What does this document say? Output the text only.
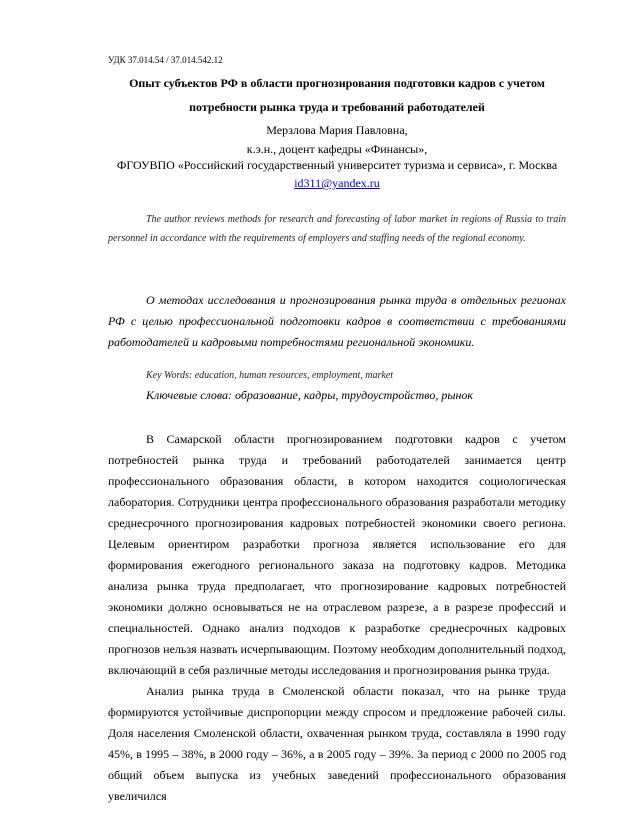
УДК 37.014.54 / 37.014.542.12
Опыт субъектов РФ в области прогнозирования подготовки кадров с учетом
потребности рынка труда и требований работодателей
Мерзлова Мария Павловна,
к.э.н., доцент кафедры «Финансы»,
ФГОУВПО «Российский государственный университет туризма и сервиса», г. Москва
id311@yandex.ru
The author reviews methods for research and forecasting of labor market in regions of Russia to train personnel in accordance with the requirements of employers and staffing needs of the regional economy.
О методах исследования и прогнозирования рынка труда в отдельных регионах РФ с целью профессиональной подготовки кадров в соответствии с требованиями работодателей и кадровыми потребностями региональной экономики.
Key Words: education, human resources, employment, market
Ключевые слова: образование, кадры, трудоустройство, рынок

В Самарской области прогнозированием подготовки кадров с учетом потребностей рынка труда и требований работодателей занимается центр профессионального образования области, в котором находится социологическая лаборатория. Сотрудники центра профессионального образования разработали методику среднесрочного прогнозирования кадровых потребностей экономики своего региона. Целевым ориентиром разработки прогноза является использование его для формирования ежегодного регионального заказа на подготовку кадров. Методика анализа рынка труда предполагает, что прогнозирование кадровых потребностей экономики должно основываться не на отраслевом разрезе, а в разрезе профессий и специальностей. Однако анализ подходов к разработке среднесрочных кадровых прогнозов нельзя назвать исчерпывающим. Поэтому необходим дополнительный подход, включающий в себя различные методы исследования и прогнозирования рынка труда.

Анализ рынка труда в Смоленской области показал, что на рынке труда формируются устойчивые диспропорции между спросом и предложение рабочей силы. Доля населения Смоленской области, охваченная рынком труда, составляла в 1990 году 45%, в 1995 – 38%, в 2000 году – 36%, а в 2005 году – 39%. За период с 2000 по 2005 год общий объем выпуска из учебных заведений профессионального образования увеличился
